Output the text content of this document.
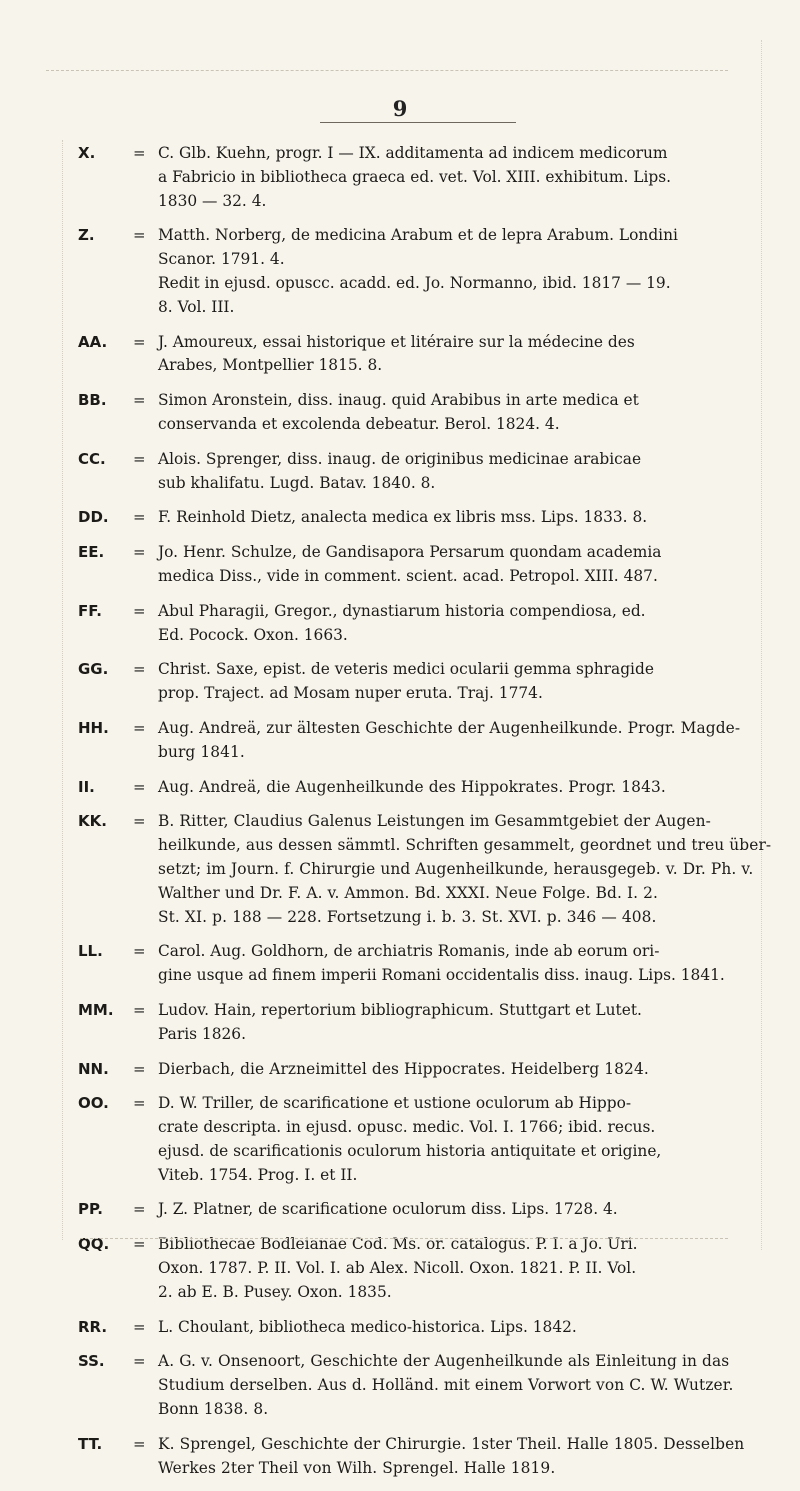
9
X.	= C. Glb. Kuehn, progr. I — IX. additamenta ad indicem medicorum
a Fabricio in bibliotheca graeca ed. vet. Vol. XIII. exhibitum. Lips.
1830 — 32. 4.
Z.	= Matth. Norberg, de medicina Arabum et de lepra Arabum. Londini
Scanor. 1791. 4.
Redit in ejusd. opuscc. acadd. ed. Jo. Normanno, ibid. 1817 — 19.
8. Vol. III.
AA.	= J. Amoureux, essai historique et litéraire sur la médecine des
Arabes, Montpellier 1815. 8.
BB.	= Simon Aronstein, diss. inaug. quid Arabibus in arte medica et
conservanda et excolenda debeatur. Berol. 1824. 4.
CC.	= Alois. Sprenger, diss. inaug. de originibus medicinae arabicae
sub khalifatu. Lugd. Batav. 1840. 8.
DD.	= F. Reinhold Dietz, analecta medica ex libris mss. Lips. 1833. 8.
EE.	= Jo. Henr. Schulze, de Gandisapora Persarum quondam academia
medica Diss., vide in comment. scient. acad. Petropol. XIII. 487.
FF.	= Abul Pharagii, Gregor., dynastiarum historia compendiosa, ed.
Ed. Pocock. Oxon. 1663.
GG.	= Christ. Saxe, epist. de veteris medici ocularii gemma sphragide
prop. Traject. ad Mosam nuper eruta. Traj. 1774.
HH.	= Aug. Andreä, zur ältesten Geschichte der Augenheilkunde. Progr. Magde-
burg 1841.
II.	= Aug. Andreä, die Augenheilkunde des Hippokrates. Progr. 1843.
KK.	= B. Ritter, Claudius Galenus Leistungen im Gesammtgebiet der Augen-
heilkunde, aus dessen sämmtl. Schriften gesammelt, geordnet und treu über-
setzt; im Journ. f. Chirurgie und Augenheilkunde, herausgegeb. v. Dr. Ph. v.
Walther und Dr. F. A. v. Ammon. Bd. XXXI. Neue Folge. Bd. I. 2.
St. XI. p. 188 — 228. Fortsetzung i. b. 3. St. XVI. p. 346 — 408.
LL.	= Carol. Aug. Goldhorn, de archiatris Romanis, inde ab eorum ori-
gine usque ad finem imperii Romani occidentalis diss. inaug. Lips. 1841.
MM.	= Ludov. Hain, repertorium bibliographicum. Stuttgart et Lutet.
Paris 1826.
NN.	= Dierbach, die Arzneimittel des Hippocrates. Heidelberg 1824.
OO.	= D. W. Triller, de scarificatione et ustione oculorum ab Hippo-
crate descripta. in ejusd. opusc. medic. Vol. I. 1766; ibid. recus.
ejusd. de scarificationis oculorum historia antiquitate et origine,
Viteb. 1754. Prog. I. et II.
PP.	= J. Z. Platner, de scarificatione oculorum diss. Lips. 1728. 4.
QQ.	= Bibliothecae Bodleianae Cod. Ms. or. catalogus. P. I. a Jo. Uri.
Oxon. 1787. P. II. Vol. I. ab Alex. Nicoll. Oxon. 1821. P. II. Vol.
2. ab E. B. Pusey. Oxon. 1835.
RR.	= L. Choulant, bibliotheca medico-historica. Lips. 1842.
SS.	= A. G. v. Onsenoort, Geschichte der Augenheilkunde als Einleitung in das
Studium derselben. Aus d. Holländ. mit einem Vorwort von C. W. Wutzer.
Bonn 1838. 8.
TT.	= K. Sprengel, Geschichte der Chirurgie. 1ster Theil. Halle 1805. Desselben
Werkes 2ter Theil von Wilh. Sprengel. Halle 1819.
